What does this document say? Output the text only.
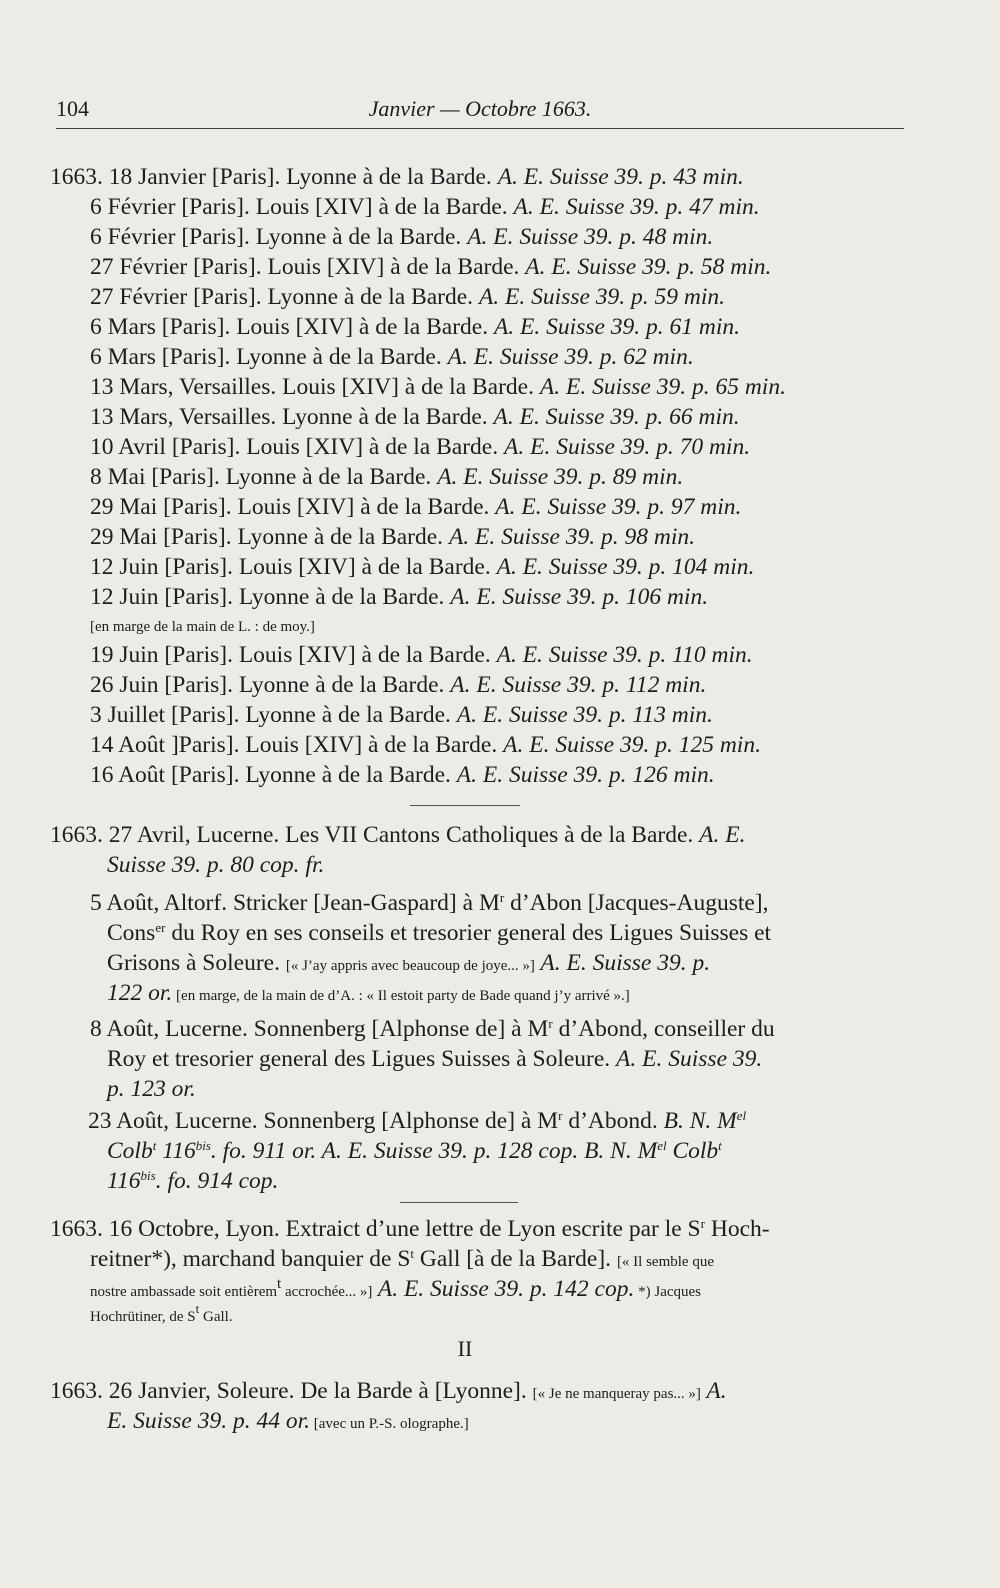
104	Janvier — Octobre 1663.
1663. 18 Janvier [Paris]. Lyonne à de la Barde. A. E. Suisse 39. p. 43 min.
6 Février [Paris]. Louis [XIV] à de la Barde. A. E. Suisse 39. p. 47 min.
6 Février [Paris]. Lyonne à de la Barde. A. E. Suisse 39. p. 48 min.
27 Février [Paris]. Louis [XIV] à de la Barde. A. E. Suisse 39. p. 58 min.
27 Février [Paris]. Lyonne à de la Barde. A. E. Suisse 39. p. 59 min.
6 Mars [Paris]. Louis [XIV] à de la Barde. A. E. Suisse 39. p. 61 min.
6 Mars [Paris]. Lyonne à de la Barde. A. E. Suisse 39. p. 62 min.
13 Mars, Versailles. Louis [XIV] à de la Barde. A. E. Suisse 39. p. 65 min.
13 Mars, Versailles. Lyonne à de la Barde. A. E. Suisse 39. p. 66 min.
10 Avril [Paris]. Louis [XIV] à de la Barde. A. E. Suisse 39. p. 70 min.
8 Mai [Paris]. Lyonne à de la Barde. A. E. Suisse 39. p. 89 min.
29 Mai [Paris]. Louis [XIV] à de la Barde. A. E. Suisse 39. p. 97 min.
29 Mai [Paris]. Lyonne à de la Barde. A. E. Suisse 39. p. 98 min.
12 Juin [Paris]. Louis [XIV] à de la Barde. A. E. Suisse 39. p. 104 min.
12 Juin [Paris]. Lyonne à de la Barde. A. E. Suisse 39. p. 106 min.
[en marge de la main de L. : de moy.]
19 Juin [Paris]. Louis [XIV] à de la Barde. A. E. Suisse 39. p. 110 min.
26 Juin [Paris]. Lyonne à de la Barde. A. E. Suisse 39. p. 112 min.
3 Juillet [Paris]. Lyonne à de la Barde. A. E. Suisse 39. p. 113 min.
14 Août ]Paris]. Louis [XIV] à de la Barde. A. E. Suisse 39. p. 125 min.
16 Août [Paris]. Lyonne à de la Barde. A. E. Suisse 39. p. 126 min.
1663. 27 Avril, Lucerne. Les VII Cantons Catholiques à de la Barde. A. E.
Suisse 39. p. 80 cop. fr.
5 Août, Altorf. Stricker [Jean-Gaspard] à $M^r$ d’Abon [Jacques-Auguste],
Cons$^{er}$ du Roy en ses conseils et tresorier general des Ligues Suisses et
Grisons à Soleure. [« J’ay appris avec beaucoup de joye... »] A. E. Suisse 39. p.
122 or. [en marge, de la main de d’A. : « Il estoit party de Bade quand j’y arrivé ».]
8 Août, Lucerne. Sonnenberg [Alphonse de] à $M^r$ d’Abond, conseiller du
Roy et tresorier general des Ligues Suisses à Soleure. A. E. Suisse 39.
p. 123 or.
23 Août, Lucerne. Sonnenberg [Alphonse de] à $M^r$ d’Abond. B. N. $M^{el}$
Colb$^t$ $116^{bis}$. fo. 911 or. A. E. Suisse 39. p. 128 cop. B. N. $M^{el}$ Colb$^t$
$116^{bis}$. fo. 914 cop.
1663. 16 Octobre, Lyon. Extraict d’une lettre de Lyon escrite par le $S^r$ Hoch-
reitner*), marchand banquier de $S^t$ Gall [à de la Barde]. [« Il semble que
nostre ambassade soit entièrem$^t$ accrochée... »] A. E. Suisse 39. p. 142 cop. *) Jacques
Hochrütiner, de $S^t$ Gall.
II
1663. 26 Janvier, Soleure. De la Barde à [Lyonne]. [« Je ne manqueray pas... »] A.
E. Suisse 39. p. 44 or. [avec un P.-S. olographe.]
